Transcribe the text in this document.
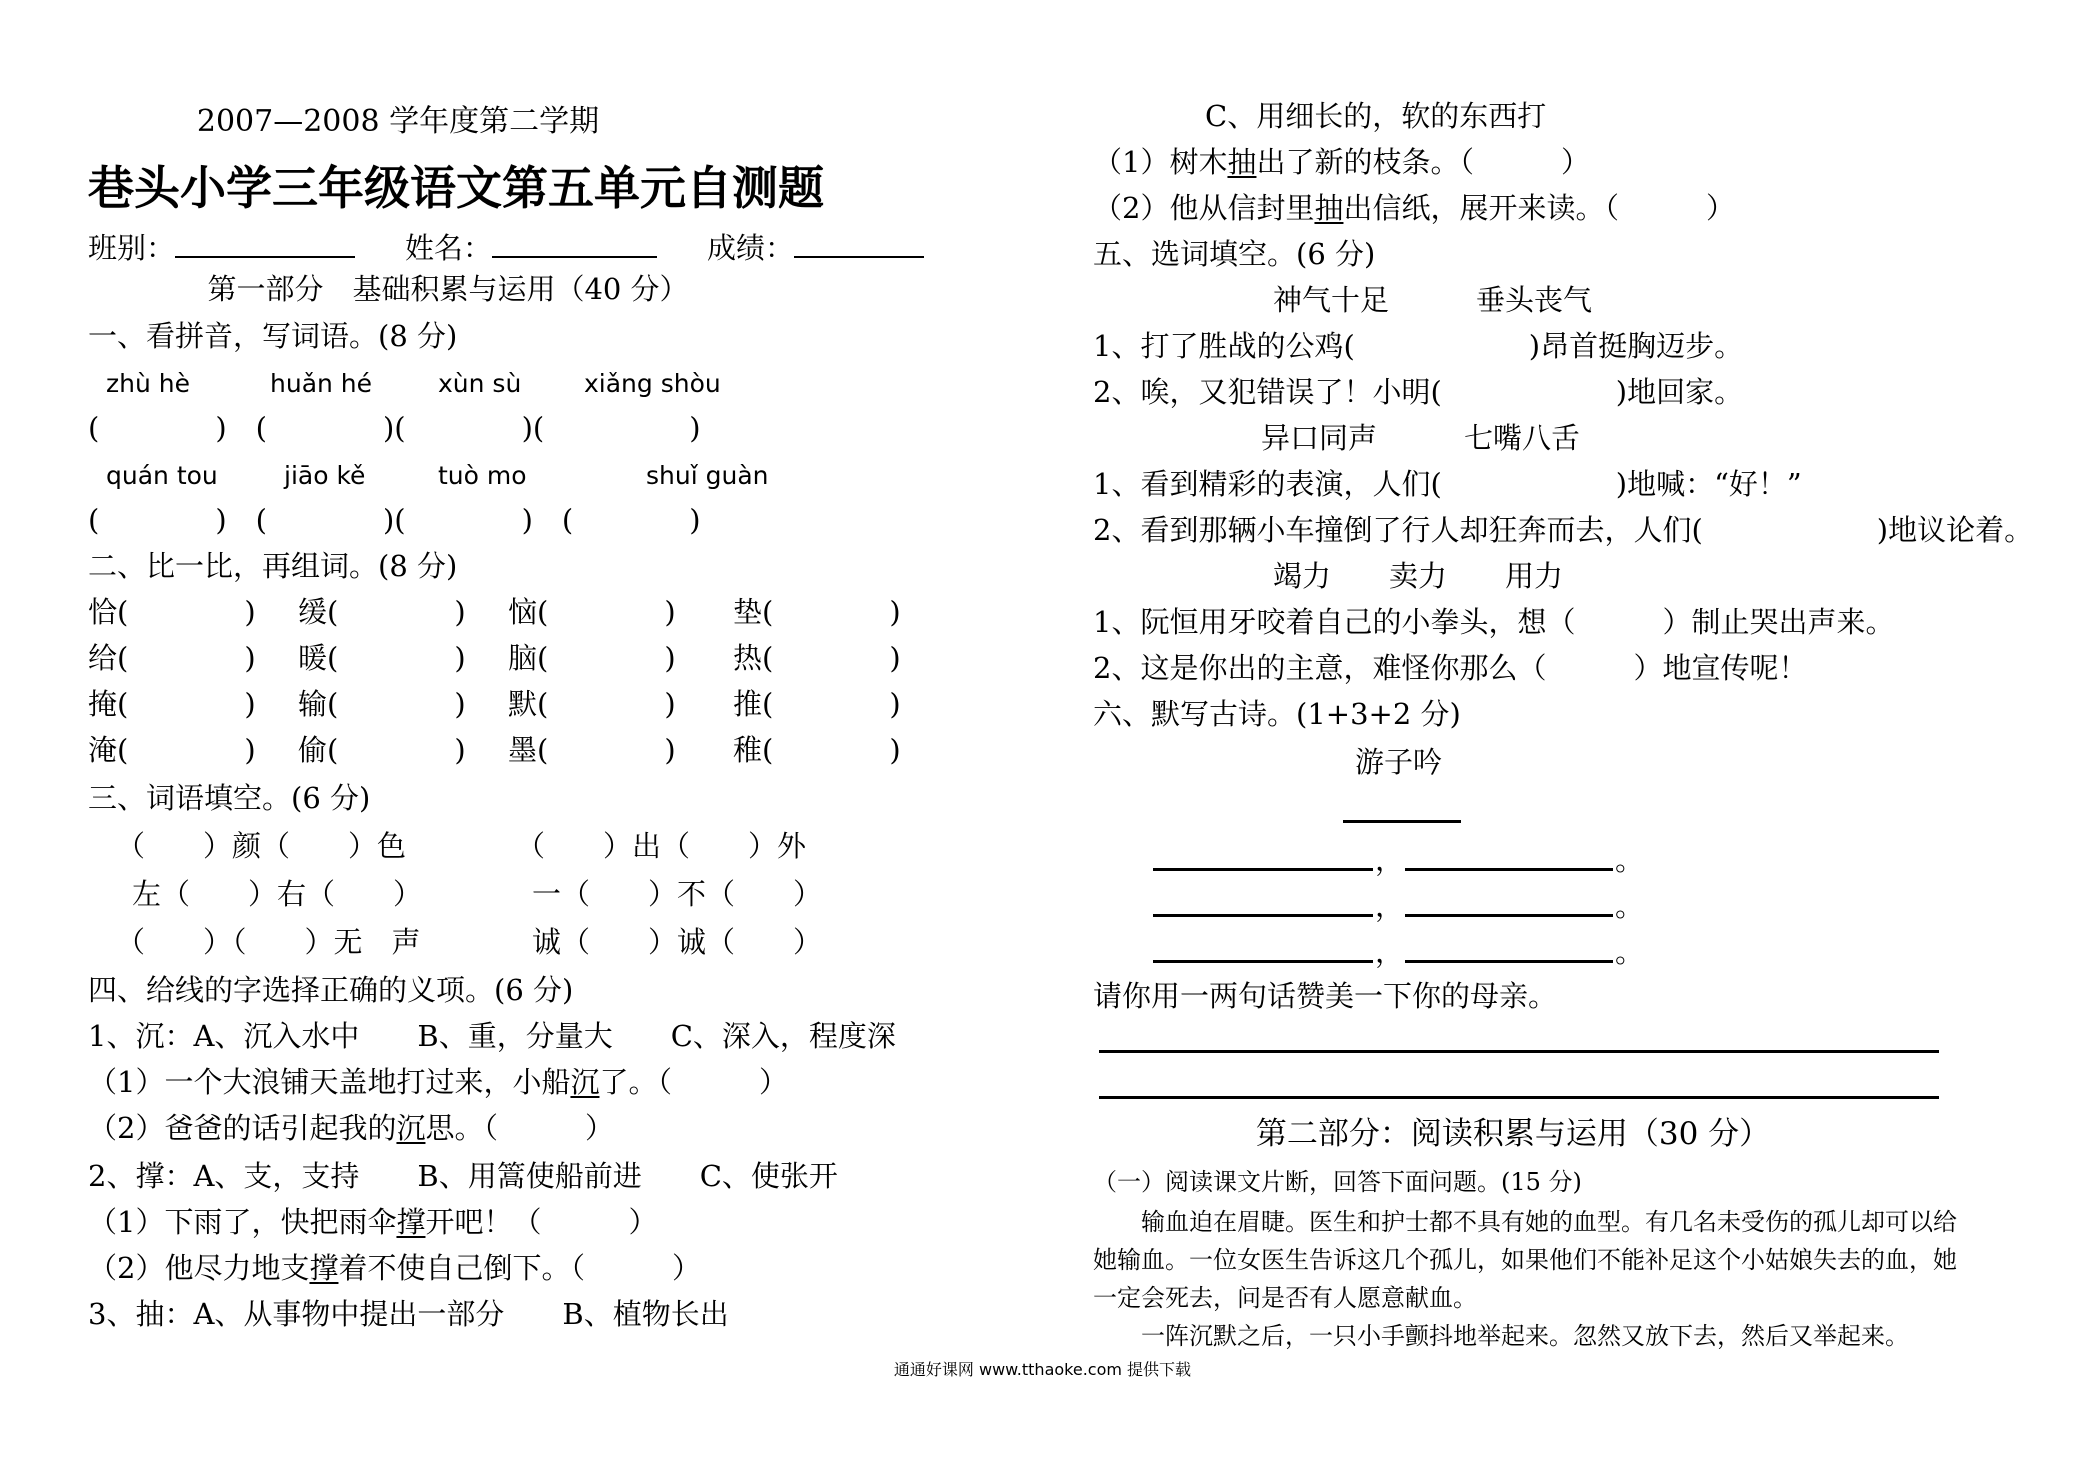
2007—2008 学年度第二学期
巷头小学三年级语文第五单元自测题
班别：	姓名：	成绩：
第一部分　基础积累与运用（40 分）
一、看拼音，写词语。(8 分)
zhù hè	huǎn hé	xùn sù	xiǎng shòu
(　　　　)　(　　　　)(　　　　)(　　　　　)
quán tou	jiāo kě	tuò mo	shuǐ guàn
(　　　　)　(　　　　)(　　　　)　(　　　　)
二、比一比，再组词。(8 分)
恰(　　　　) 缓(　　　　) 恼(　　　　) 垫(　　　　)
给(　　　　) 暖(　　　　) 脑(　　　　) 热(　　　　)
掩(　　　　) 输(　　　　) 默(　　　　) 推(　　　　)
淹(　　　　) 偷(　　　　) 墨(　　　　) 稚(　　　　)
三、词语填空。(6 分)
（　　）颜（　　）色	（　　）出（　　）外
左（　　）右（　　）	一（　　）不（　　）
（　　）（　　）无　声	诚（　　）诚（　　）
四、给线的字选择正确的义项。(6 分)
1、沉：A、沉入水中　　B、重，分量大　　C、深入，程度深
（1）一个大浪铺天盖地打过来，小船沉了。（　　　）
（2）爸爸的话引起我的沉思。（　　　）
2、撑：A、支，支持　　B、用篙使船前进　　C、使张开
（1）下雨了，快把雨伞撑开吧！（　　　）
（2）他尽力地支撑着不使自己倒下。（　　　）
3、抽：A、从事物中提出一部分　　B、植物长出
C、用细长的，软的东西打
（1）树木抽出了新的枝条。（　　　）
（2）他从信封里抽出信纸，展开来读。（　　　）
五、选词填空。(6 分)
神气十足　　　垂头丧气
1、打了胜战的公鸡(　　　　　　)昂首挺胸迈步。
2、唉，又犯错误了！小明(　　　　　　)地回家。
异口同声　　　七嘴八舌
1、看到精彩的表演，人们(　　　　　　)地喊：“好！”
2、看到那辆小车撞倒了行人却狂奔而去，人们(　　　　　　)地议论着。
竭力　　卖力　　用力
1、阮恒用牙咬着自己的小拳头，想（　　　）制止哭出声来。
2、这是你出的主意，难怪你那么（　　　）地宣传呢！
六、默写古诗。(1+3+2 分)
游子吟
，	。
，	。
，	。
请你用一两句话赞美一下你的母亲。
第二部分：阅读积累与运用（30 分）
（一）阅读课文片断，回答下面问题。(15 分)
　　输血迫在眉睫。医生和护士都不具有她的血型。有几名未受伤的孤儿却可以给
她输血。一位女医生告诉这几个孤儿，如果他们不能补足这个小姑娘失去的血，她
一定会死去，问是否有人愿意献血。
　　一阵沉默之后，一只小手颤抖地举起来。忽然又放下去，然后又举起来。
通通好课网 www.tthaoke.com 提供下载
